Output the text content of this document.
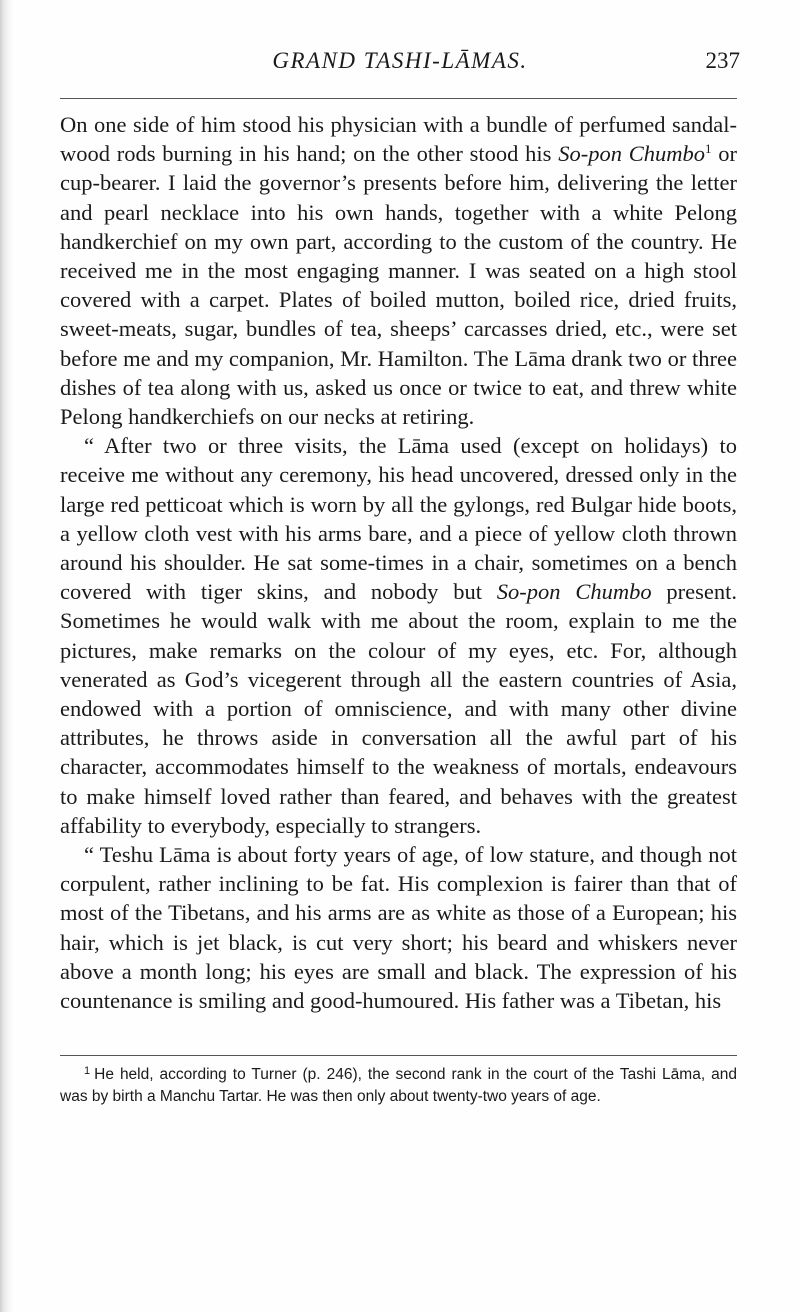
GRAND TASHI-LĀMAS.	237

On one side of him stood his physician with a bundle of perfumed sandal-wood rods burning in his hand; on the other stood his So-pon Chumbo$^1$ or cup-bearer. I laid the governor’s presents before him, delivering the letter and pearl necklace into his own hands, together with a white Pelong handkerchief on my own part, according to the custom of the country. He received me in the most engaging manner. I was seated on a high stool covered with a carpet. Plates of boiled mutton, boiled rice, dried fruits, sweet-meats, sugar, bundles of tea, sheeps’ carcasses dried, etc., were set before me and my companion, Mr. Hamilton. The Lāma drank two or three dishes of tea along with us, asked us once or twice to eat, and threw white Pelong handkerchiefs on our necks at retiring.

“ After two or three visits, the Lāma used (except on holidays) to receive me without any ceremony, his head uncovered, dressed only in the large red petticoat which is worn by all the gylongs, red Bulgar hide boots, a yellow cloth vest with his arms bare, and a piece of yellow cloth thrown around his shoulder. He sat some-times in a chair, sometimes on a bench covered with tiger skins, and nobody but So-pon Chumbo present. Sometimes he would walk with me about the room, explain to me the pictures, make remarks on the colour of my eyes, etc. For, although venerated as God’s vicegerent through all the eastern countries of Asia, endowed with a portion of omniscience, and with many other divine attributes, he throws aside in conversation all the awful part of his character, accommodates himself to the weakness of mortals, endeavours to make himself loved rather than feared, and behaves with the greatest affability to everybody, especially to strangers.

“ Teshu Lāma is about forty years of age, of low stature, and though not corpulent, rather inclining to be fat. His complexion is fairer than that of most of the Tibetans, and his arms are as white as those of a European; his hair, which is jet black, is cut very short; his beard and whiskers never above a month long; his eyes are small and black. The expression of his countenance is smiling and good-humoured. His father was a Tibetan, his

$^1$ He held, according to Turner (p. 246), the second rank in the court of the Tashi Lāma, and was by birth a Manchu Tartar. He was then only about twenty-two years of age.
